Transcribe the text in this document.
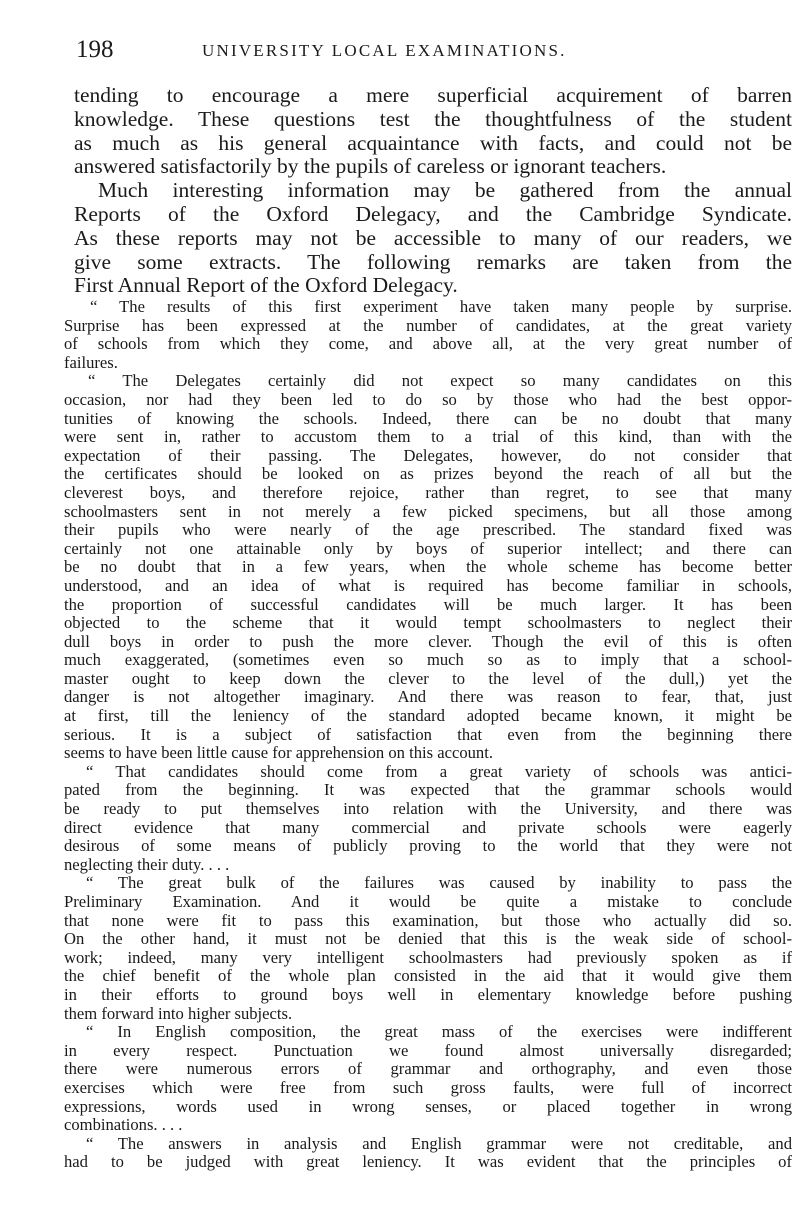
198	UNIVERSITY LOCAL EXAMINATIONS.
tending to encourage a mere superficial acquirement of barren
knowledge. These questions test the thoughtfulness of the student
as much as his general acquaintance with facts, and could not be
answered satisfactorily by the pupils of careless or ignorant teachers.
Much interesting information may be gathered from the annual
Reports of the Oxford Delegacy, and the Cambridge Syndicate.
As these reports may not be accessible to many of our readers, we
give some extracts. The following remarks are taken from the
First Annual Report of the Oxford Delegacy.
“ The results of this first experiment have taken many people by surprise.
Surprise has been expressed at the number of candidates, at the great variety
of schools from which they come, and above all, at the very great number of
failures.
“ The Delegates certainly did not expect so many candidates on this
occasion, nor had they been led to do so by those who had the best oppor-
tunities of knowing the schools. Indeed, there can be no doubt that many
were sent in, rather to accustom them to a trial of this kind, than with the
expectation of their passing. The Delegates, however, do not consider that
the certificates should be looked on as prizes beyond the reach of all but the
cleverest boys, and therefore rejoice, rather than regret, to see that many
schoolmasters sent in not merely a few picked specimens, but all those among
their pupils who were nearly of the age prescribed. The standard fixed was
certainly not one attainable only by boys of superior intellect; and there can
be no doubt that in a few years, when the whole scheme has become better
understood, and an idea of what is required has become familiar in schools,
the proportion of successful candidates will be much larger. It has been
objected to the scheme that it would tempt schoolmasters to neglect their
dull boys in order to push the more clever. Though the evil of this is often
much exaggerated, (sometimes even so much so as to imply that a school-
master ought to keep down the clever to the level of the dull,) yet the
danger is not altogether imaginary. And there was reason to fear, that, just
at first, till the leniency of the standard adopted became known, it might be
serious. It is a subject of satisfaction that even from the beginning there
seems to have been little cause for apprehension on this account.
“ That candidates should come from a great variety of schools was antici-
pated from the beginning. It was expected that the grammar schools would
be ready to put themselves into relation with the University, and there was
direct evidence that many commercial and private schools were eagerly
desirous of some means of publicly proving to the world that they were not
neglecting their duty. . . .
“ The great bulk of the failures was caused by inability to pass the
Preliminary Examination. And it would be quite a mistake to conclude
that none were fit to pass this examination, but those who actually did so.
On the other hand, it must not be denied that this is the weak side of school-
work; indeed, many very intelligent schoolmasters had previously spoken as if
the chief benefit of the whole plan consisted in the aid that it would give them
in their efforts to ground boys well in elementary knowledge before pushing
them forward into higher subjects.
“ In English composition, the great mass of the exercises were indifferent
in every respect. Punctuation we found almost universally disregarded;
there were numerous errors of grammar and orthography, and even those
exercises which were free from such gross faults, were full of incorrect
expressions, words used in wrong senses, or placed together in wrong
combinations. . . .
“ The answers in analysis and English grammar were not creditable, and
had to be judged with great leniency. It was evident that the principles of
